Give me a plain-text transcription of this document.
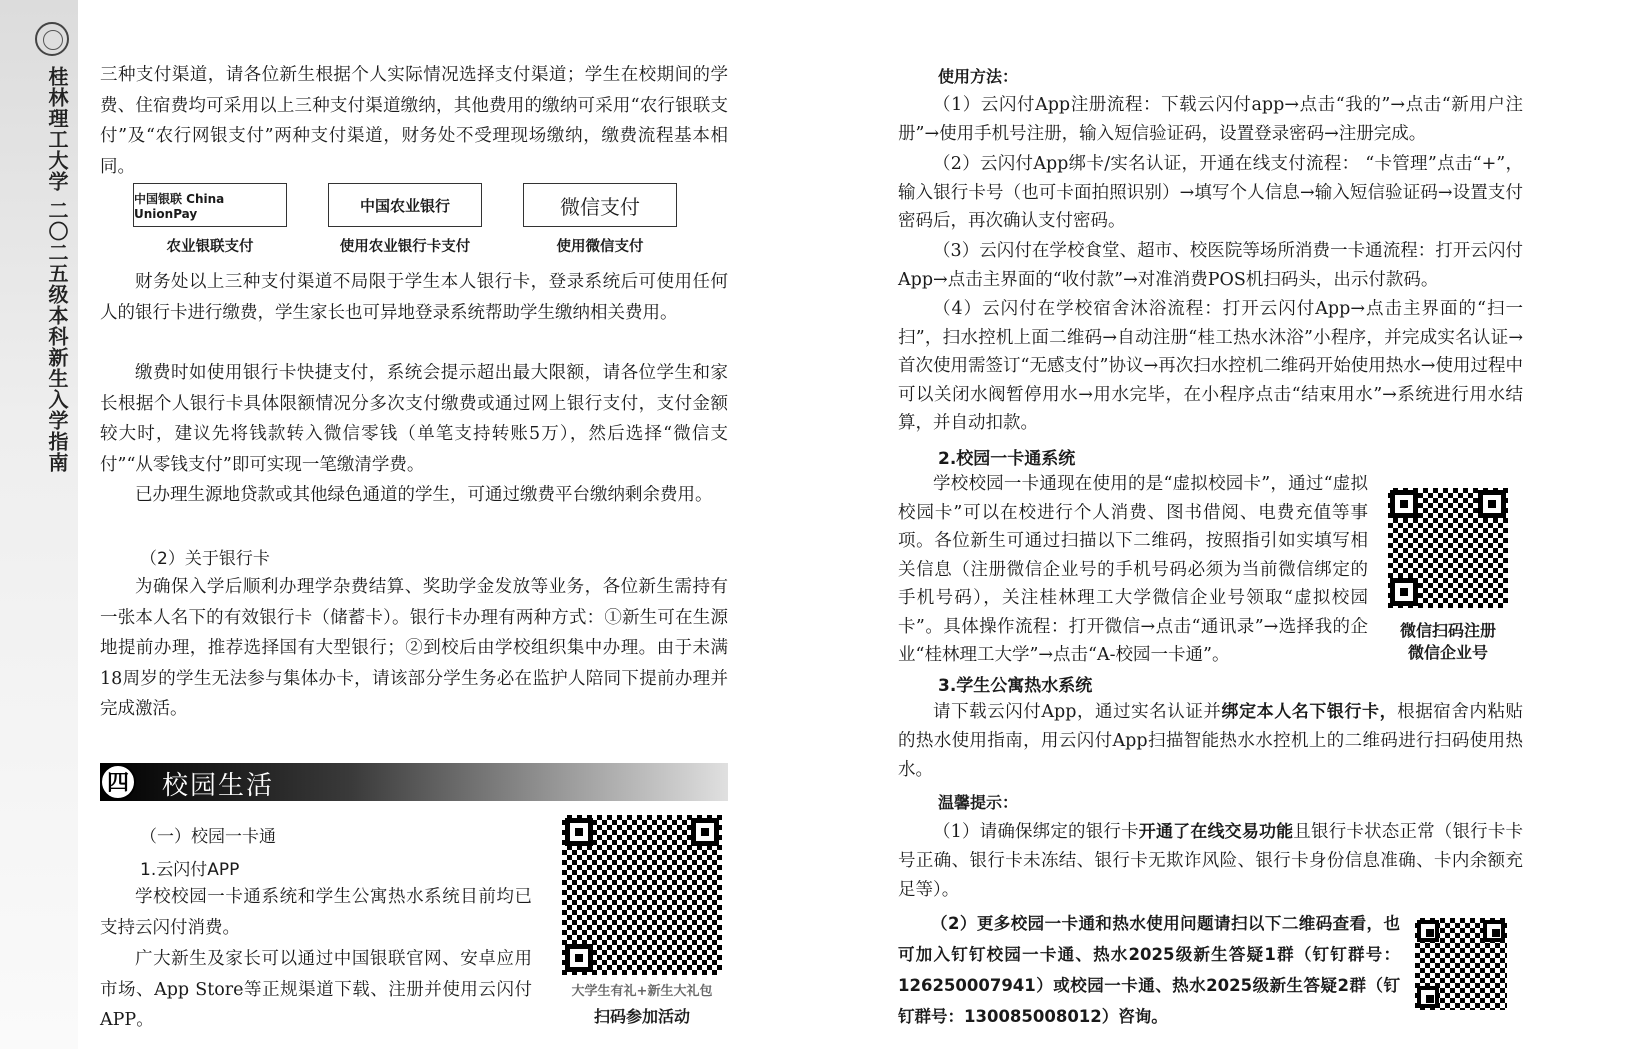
桂林理工大学 二〇二五级本科新生入学指南 三种支付渠道，请各位新生根据个人实际情况选择支付渠道；学生在校期间的学费、住宿费均可采用以上三种支付渠道缴纳，其他费用的缴纳可采用“农行银联支付”及“农行网银支付”两种支付渠道，财务处不受理现场缴纳，缴费流程基本相同。

中国银联 China UnionPay
农业银联支付
中国农业银行
使用农业银行卡支付
微信支付
使用微信支付

财务处以上三种支付渠道不局限于学生本人银行卡，登录系统后可使用任何人的银行卡进行缴费，学生家长也可异地登录系统帮助学生缴纳相关费用。

缴费时如使用银行卡快捷支付，系统会提示超出最大限额，请各位学生和家长根据个人银行卡具体限额情况分多次支付缴费或通过网上银行支付，支付金额较大时，建议先将钱款转入微信零钱（单笔支持转账5万），然后选择“微信支付”“从零钱支付”即可实现一笔缴清学费。

已办理生源地贷款或其他绿色通道的学生，可通过缴费平台缴纳剩余费用。

（2）关于银行卡

为确保入学后顺利办理学杂费结算、奖助学金发放等业务，各位新生需持有一张本人名下的有效银行卡（储蓄卡）。银行卡办理有两种方式：①新生可在生源地提前办理，推荐选择国有大型银行；②到校后由学校组织集中办理。由于未满18周岁的学生无法参与集体办卡，请该部分学生务必在监护人陪同下提前办理并完成激活。

四 校园生活
（一）校园一卡通
1.云闪付APP

学校校园一卡通系统和学生公寓热水系统目前均已支持云闪付消费。

广大新生及家长可以通过中国银联官网、安卓应用市场、App Store等正规渠道下载、注册并使用云闪付APP。

大学生有礼+新生大礼包
扫码参加活动
使用方法：

（1）云闪付App注册流程：下载云闪付app→点击“我的”→点击“新用户注册”→使用手机号注册，输入短信验证码，设置登录密码→注册完成。

（2）云闪付App绑卡/实名认证，开通在线支付流程： “卡管理”点击“+”，输入银行卡号（也可卡面拍照识别）→填写个人信息→输入短信验证码→设置支付密码后，再次确认支付密码。

（3）云闪付在学校食堂、超市、校医院等场所消费一卡通流程：打开云闪付App→点击主界面的“收付款”→对准消费POS机扫码头，出示付款码。

（4）云闪付在学校宿舍沐浴流程：打开云闪付App→点击主界面的“扫一扫”，扫水控机上面二维码→自动注册“桂工热水沐浴”小程序，并完成实名认证→首次使用需签订“无感支付”协议→再次扫水控机二维码开始使用热水→使用过程中可以关闭水阀暂停用水→用水完毕，在小程序点击“结束用水”→系统进行用水结算，并自动扣款。

2.校园一卡通系统

学校校园一卡通现在使用的是“虚拟校园卡”，通过“虚拟校园卡”可以在校进行个人消费、图书借阅、电费充值等事项。各位新生可通过扫描以下二维码，按照指引如实填写相关信息（注册微信企业号的手机号码必须为当前微信绑定的手机号码），关注桂林理工大学微信企业号领取“虚拟校园卡”。具体操作流程：打开微信→点击“通讯录”→选择我的企业“桂林理工大学”→点击“A-校园一卡通”。

微信扫码注册
微信企业号
3.学生公寓热水系统

请下载云闪付App，通过实名认证并绑定本人名下银行卡，根据宿舍内粘贴的热水使用指南，用云闪付App扫描智能热水水控机上的二维码进行扫码使用热水。

温馨提示：

（1）请确保绑定的银行卡开通了在线交易功能且银行卡状态正常（银行卡卡号正确、银行卡未冻结、银行卡无欺诈风险、银行卡身份信息准确、卡内余额充足等）。

（2）更多校园一卡通和热水使用问题请扫以下二维码查看，也可加入钉钉校园一卡通、热水2025级新生答疑1群（钉钉群号：126250007941）或校园一卡通、热水2025级新生答疑2群（钉钉群号：130085008012）咨询。
